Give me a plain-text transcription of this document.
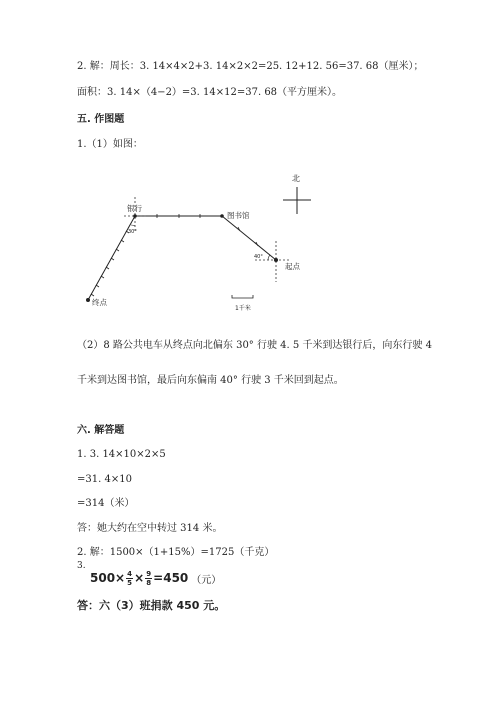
2. 解：周长：3. 14×4×2+3. 14×2×2=25. 12+12. 56=37. 68（厘米）；
面积：3. 14×（4−2）=3. 14×12=37. 68（平方厘米）。
五. 作图题
1.（1）如图：
北
30°
40°
银行
图书馆
终点
起点
1千米
（2）8 路公共电车从终点向北偏东 30° 行驶 4. 5 千米到达银行后，向东行驶 4
千米到达图书馆，最后向东偏南 40° 行驶 3 千米回到起点。
六. 解答题
1. 3. 14×10×2×5
=31. 4×10
=314（米）
答：她大约在空中转过 314 米。
2. 解：1500×（1+15%）=1725（千克）
3.
$500\times \frac{4}{5} \times \frac{9}{8} =450$ （元）
答：六（3）班捐款 450 元。
